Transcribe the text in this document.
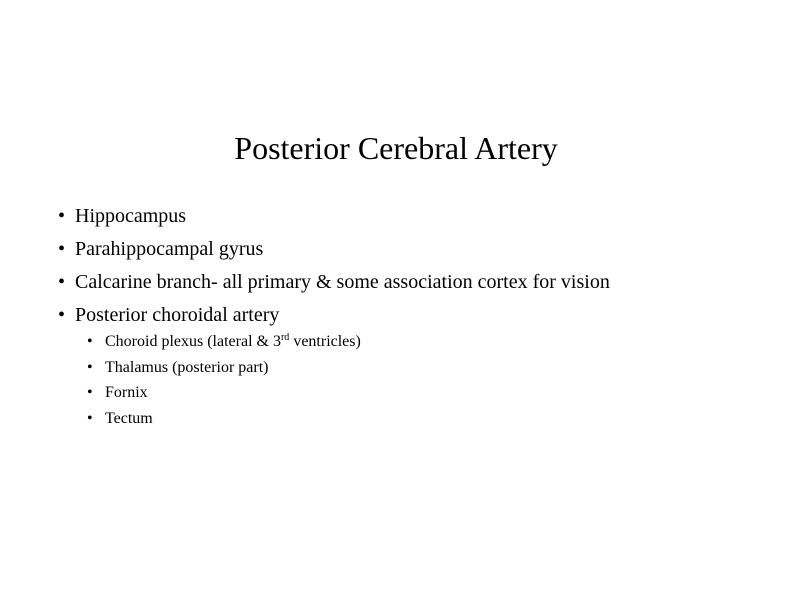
Posterior Cerebral Artery
• Hippocampus
• Parahippocampal gyrus
• Calcarine branch- all primary & some association cortex for vision
• Posterior choroidal artery
• Choroid plexus (lateral & 3rd ventricles)
• Thalamus (posterior part)
• Fornix
• Tectum
